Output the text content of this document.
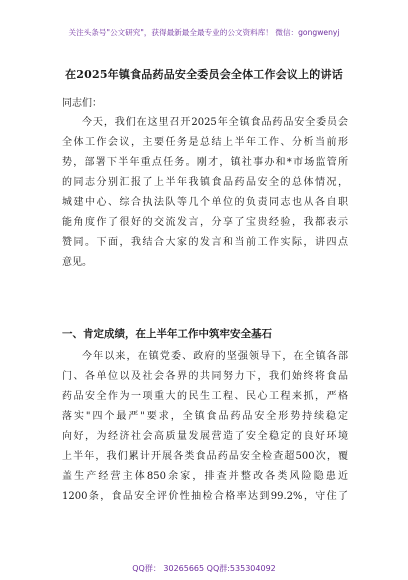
关注头条号"公文研究"，获得最新最全最专业的公文资料库！ 微信：gongwenyj
在2025年镇食品药品安全委员会全体工作会议上的讲话
同志们：
今天，我们在这里召开2025年全镇食品药品安全委员会
全体工作会议，主要任务是总结上半年工作、分析当前形
势，部署下半年重点任务。刚才，镇社事办和*市场监管所
的同志分别汇报了上半年我镇食品药品安全的总体情况，
城建中心、综合执法队等几个单位的负责同志也从各自职
能角度作了很好的交流发言，分享了宝贵经验，我都表示
赞同。下面，我结合大家的发言和当前工作实际，讲四点
意见。
一、肯定成绩，在上半年工作中筑牢安全基石
今年以来，在镇党委、政府的坚强领导下，在全镇各部
门、各单位以及社会各界的共同努力下，我们始终将食品
药品安全作为一项重大的民生工程、民心工程来抓，严格
落实"四个最严"要求，全镇食品药品安全形势持续稳定
向好，为经济社会高质量发展营造了安全稳定的良好环境
上半年，我们累计开展各类食品药品安全检查超500次，覆
盖生产经营主体850余家，排查并整改各类风险隐患近
1200条，食品安全评价性抽检合格率达到99.2%，守住了
QQ群： 30265665 QQ群:535304092
